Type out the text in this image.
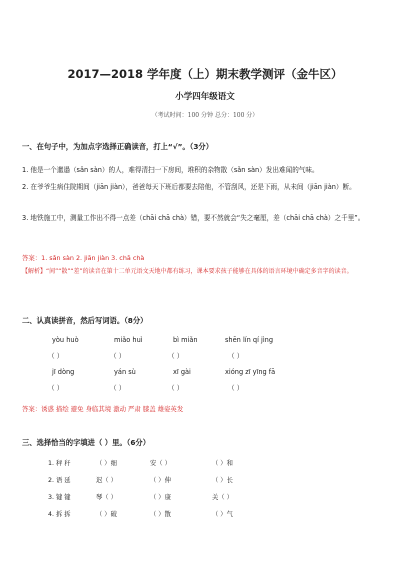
2017—2018 学年度（上）期末教学测评（金牛区）
小学四年级语文
（考试时间：100 分钟 总分：100 分）
一、在句子中，为加点字选择正确读音，打上“√”。（3分）
1. 他是一个邋遢（sǎn sàn）的人，难得清扫一下房间，堆积的杂物散（sǎn sàn）发出难闻的气味。
2. 在爷爷生病住院期间（jiān jiàn），爸爸每天下班后都要去陪他，不管刮风，还是下雨，从未间（jiān jiàn）断。
3. 地铁施工中，测量工作出不得一点差（chāi chā chà）错，要不然就会“失之毫厘，差（chāi chā chà）之千里”。
答案：1. sǎn sàn 2. jiān jiàn 3. chā chà
【解析】“间”“散”“差”的读音在第十二单元语文天地中都有练习，课本要求孩子能够在具体的语言环境中确定多音字的读音。
二、认真读拼音，然后写词语。（8分）
yòu huò	miǎo huì	bì miǎn	shēn lín qí jìng
（ ）	（ ）	（ ）	（ ）
jī dòng	yán sù	xī gài	xióng zī yīng fā
（ ）	（ ）	（ ）	（ ）
答案：诱惑 描绘 避免 身临其境 激动 严肃 膝盖 雄姿英发
三、选择恰当的字填进（ ）里。（6分）
1. 秤 秆	（ ）细	安（ ）	（ ）和
2. 语 延	迟（ ）	（ ）伸	（ ）长
3. 键 键	琴（ ）	（ ）康	关（ ）
4. 拆 拆	（ ）破	（ ）散	（ ）气
